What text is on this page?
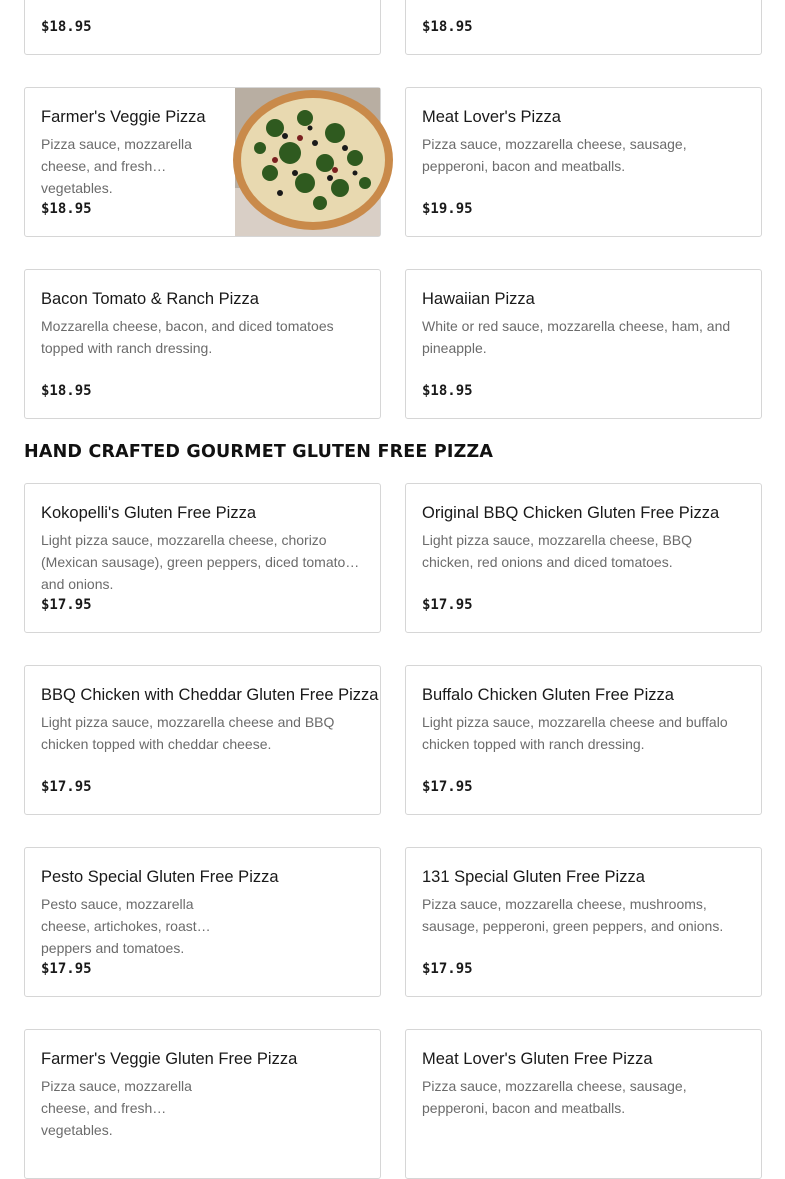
$18.95	$18.95
Farmer's Veggie Pizza
Pizza sauce, mozzarella cheese, and fresh vegetables.
$18.95
Meat Lover's Pizza
Pizza sauce, mozzarella cheese, sausage, pepperoni, bacon and meatballs.
$19.95
Bacon Tomato & Ranch Pizza
Mozzarella cheese, bacon, and diced tomatoes topped with ranch dressing.
$18.95
Hawaiian Pizza
White or red sauce, mozzarella cheese, ham, and pineapple.
$18.95
HAND CRAFTED GOURMET GLUTEN FREE PIZZA
Kokopelli's Gluten Free Pizza
Light pizza sauce, mozzarella cheese, chorizo (Mexican sausage), green peppers, diced tomatoes and onions.
$17.95
Original BBQ Chicken Gluten Free Pizza
Light pizza sauce, mozzarella cheese, BBQ chicken, red onions and diced tomatoes.
$17.95
BBQ Chicken with Cheddar Gluten Free Pizza
Light pizza sauce, mozzarella cheese and BBQ chicken topped with cheddar cheese.
$17.95
Buffalo Chicken Gluten Free Pizza
Light pizza sauce, mozzarella cheese and buffalo chicken topped with ranch dressing.
$17.95
Pesto Special Gluten Free Pizza
Pesto sauce, mozzarella cheese, artichokes, roasted peppers and tomatoes.
$17.95
131 Special Gluten Free Pizza
Pizza sauce, mozzarella cheese, mushrooms, sausage, pepperoni, green peppers, and onions.
$17.95
Farmer's Veggie Gluten Free Pizza
Pizza sauce, mozzarella cheese, and fresh vegetables.
Meat Lover's Gluten Free Pizza
Pizza sauce, mozzarella cheese, sausage, pepperoni, bacon and meatballs.
